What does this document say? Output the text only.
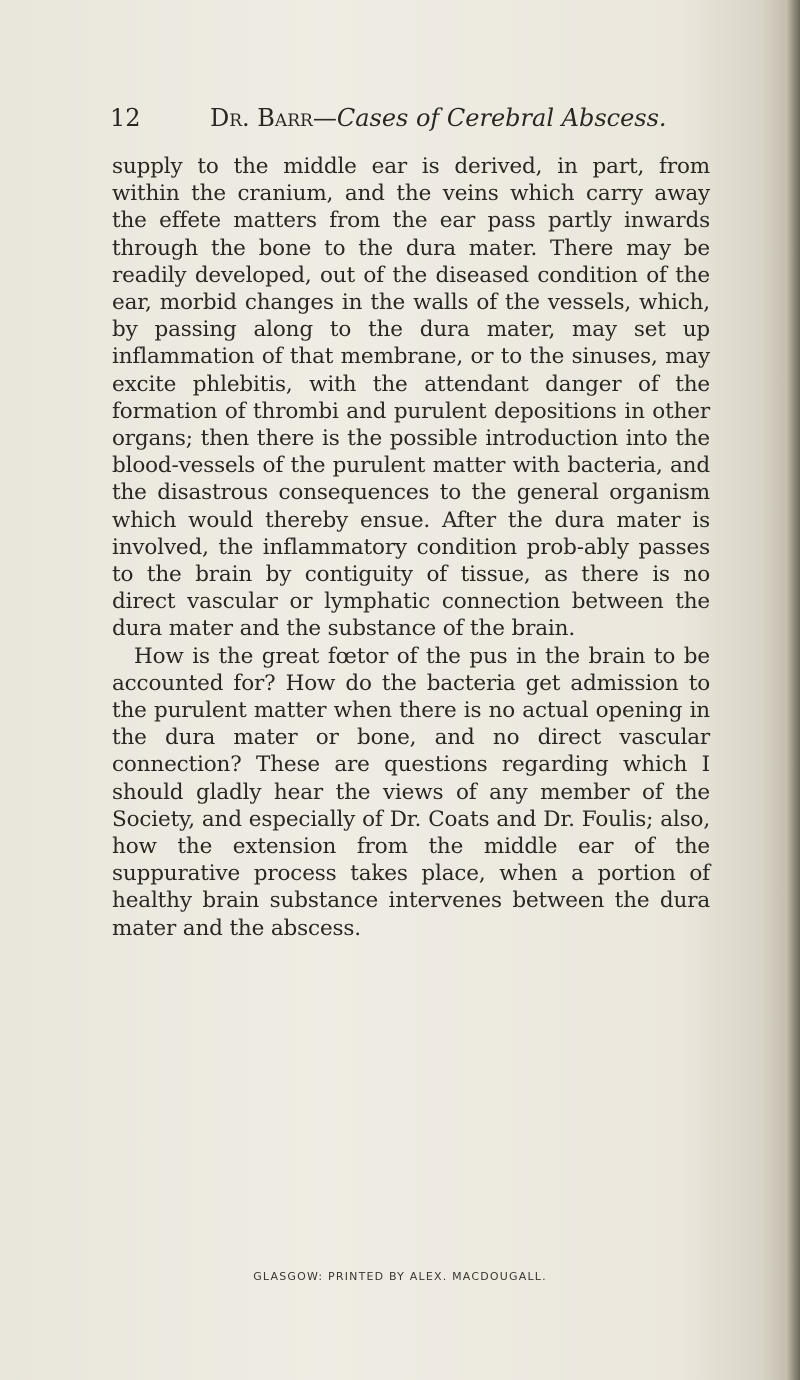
12	Dr. Barr—Cases of Cerebral Abscess.

supply to the middle ear is derived, in part, from within the cranium, and the veins which carry away the effete matters from the ear pass partly inwards through the bone to the dura mater. There may be readily developed, out of the diseased condition of the ear, morbid changes in the walls of the vessels, which, by passing along to the dura mater, may set up inflammation of that membrane, or to the sinuses, may excite phlebitis, with the attendant danger of the formation of thrombi and purulent depositions in other organs; then there is the possible introduction into the blood-vessels of the purulent matter with bacteria, and the disastrous consequences to the general organism which would thereby ensue. After the dura mater is involved, the inflammatory condition prob-ably passes to the brain by contiguity of tissue, as there is no direct vascular or lymphatic connection between the dura mater and the substance of the brain.

How is the great fœtor of the pus in the brain to be accounted for? How do the bacteria get admission to the purulent matter when there is no actual opening in the dura mater or bone, and no direct vascular connection? These are questions regarding which I should gladly hear the views of any member of the Society, and especially of Dr. Coats and Dr. Foulis; also, how the extension from the middle ear of the suppurative process takes place, when a portion of healthy brain substance intervenes between the dura mater and the abscess.

GLASGOW: PRINTED BY ALEX. MACDOUGALL.
